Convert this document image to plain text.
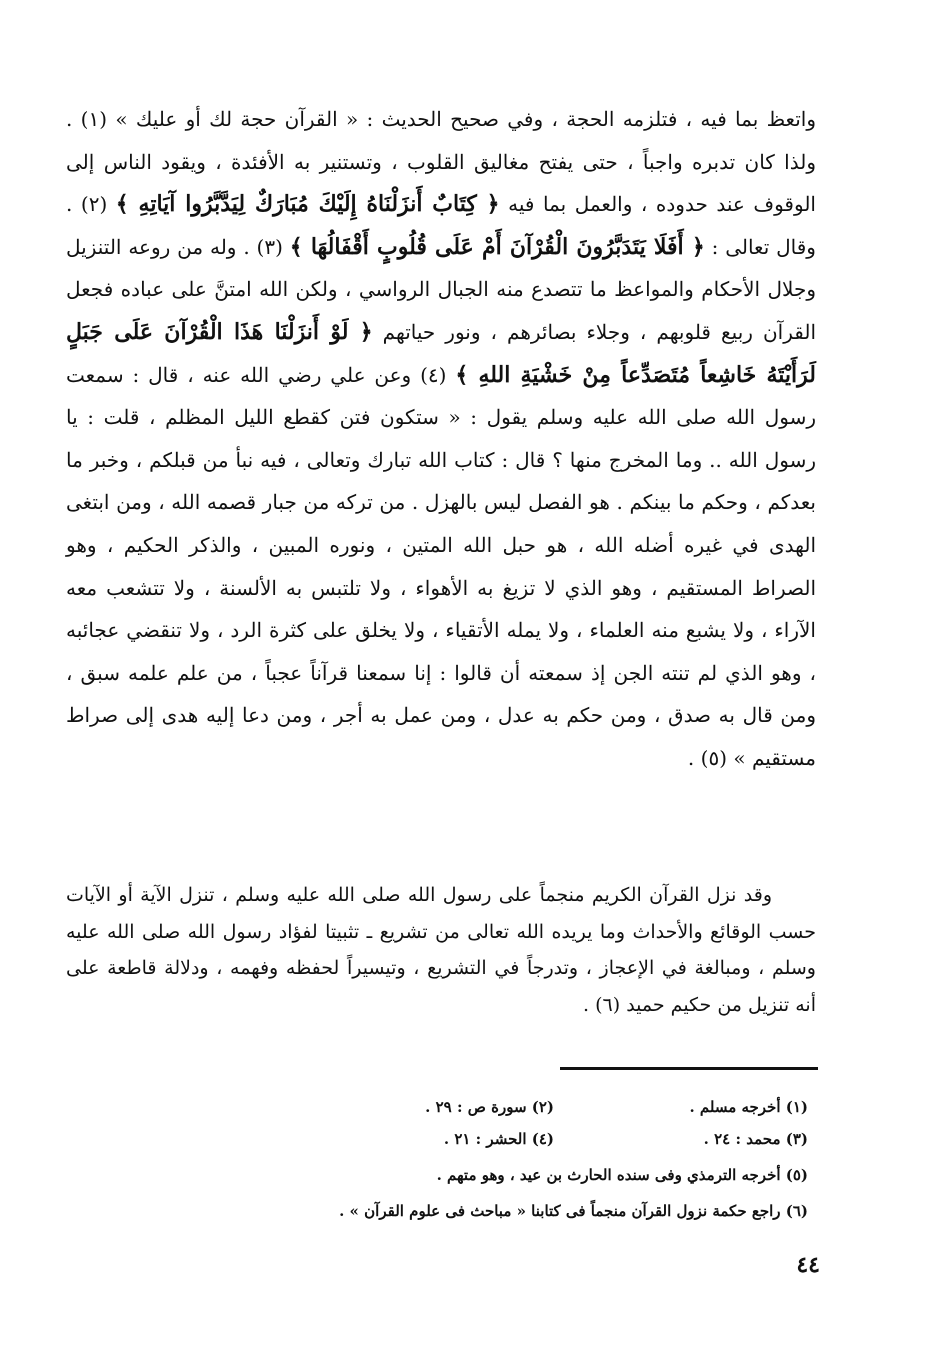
واتعظ بما فيه ، فتلزمه الحجة ، وفي صحيح الحديث : « القرآن حجة لك أو عليك » (١) . ولذا كان تدبره واجباً ، حتى يفتح مغاليق القلوب ، وتستنير به الأفئدة ، ويقود الناس إلى الوقوف عند حدوده ، والعمل بما فيه ﴿ كِتَابٌ أَنزَلْنَاهُ إِلَيْكَ مُبَارَكٌ لِيَدَّبَّرُوا آيَاتِهِ ﴾ (٢) . وقال تعالى : ﴿ أَفَلَا يَتَدَبَّرُونَ الْقُرْآنَ أَمْ عَلَى قُلُوبٍ أَقْفَالُهَا ﴾ (٣) . وله من روعه التنزيل وجلال الأحكام والمواعظ ما تتصدع منه الجبال الرواسي ، ولكن الله امتنَّ على عباده فجعل القرآن ربيع قلوبهم ، وجلاء بصائرهم ، ونور حياتهم ﴿ لَوْ أَنزَلْنَا هَذَا الْقُرْآنَ عَلَى جَبَلٍ لَرَأَيْتَهُ خَاشِعاً مُتَصَدِّعاً مِنْ خَشْيَةِ اللهِ ﴾ (٤) وعن علي رضي الله عنه ، قال : سمعت رسول الله صلى الله عليه وسلم يقول : « ستكون فتن كقطع الليل المظلم ، قلت : يا رسول الله .. وما المخرج منها ؟ قال : كتاب الله تبارك وتعالى ، فيه نبأ من قبلكم ، وخبر ما بعدكم ، وحكم ما بينكم . هو الفصل ليس بالهزل . من تركه من جبار قصمه الله ، ومن ابتغى الهدى في غيره أضله الله ، هو حبل الله المتين ، ونوره المبين ، والذكر الحكيم ، وهو الصراط المستقيم ، وهو الذي لا تزيغ به الأهواء ، ولا تلتبس به الألسنة ، ولا تتشعب معه الآراء ، ولا يشبع منه العلماء ، ولا يمله الأتقياء ، ولا يخلق على كثرة الرد ، ولا تنقضي عجائبه ، وهو الذي لم تنته الجن إذ سمعته أن قالوا : إنا سمعنا قرآناً عجباً ، من علم علمه سبق ، ومن قال به صدق ، ومن حكم به عدل ، ومن عمل به أجر ، ومن دعا إليه هدى إلى صراط مستقيم » (٥) .

وقد نزل القرآن الكريم منجماً على رسول الله صلى الله عليه وسلم ، تنزل الآية أو الآيات حسب الوقائع والأحداث وما يريده الله تعالى من تشريع ـ تثبيتا لفؤاد رسول الله صلى الله عليه وسلم ، ومبالغة في الإعجاز ، وتدرجاً في التشريع ، وتيسيراً لحفظه وفهمه ، ودلالة قاطعة على أنه تنزيل من حكيم حميد (٦) .

(١) أخرجه مسلم .
(٢) سورة ص : ٢٩ .
(٣) محمد : ٢٤ .
(٤) الحشر : ٢١ .
(٥) أخرجه الترمذي وفى سنده الحارث بن عيد ، وهو متهم .
(٦) راجع حكمة نزول القرآن منجماً فى كتابنا « مباحث فى علوم القرآن » .
٤٤
